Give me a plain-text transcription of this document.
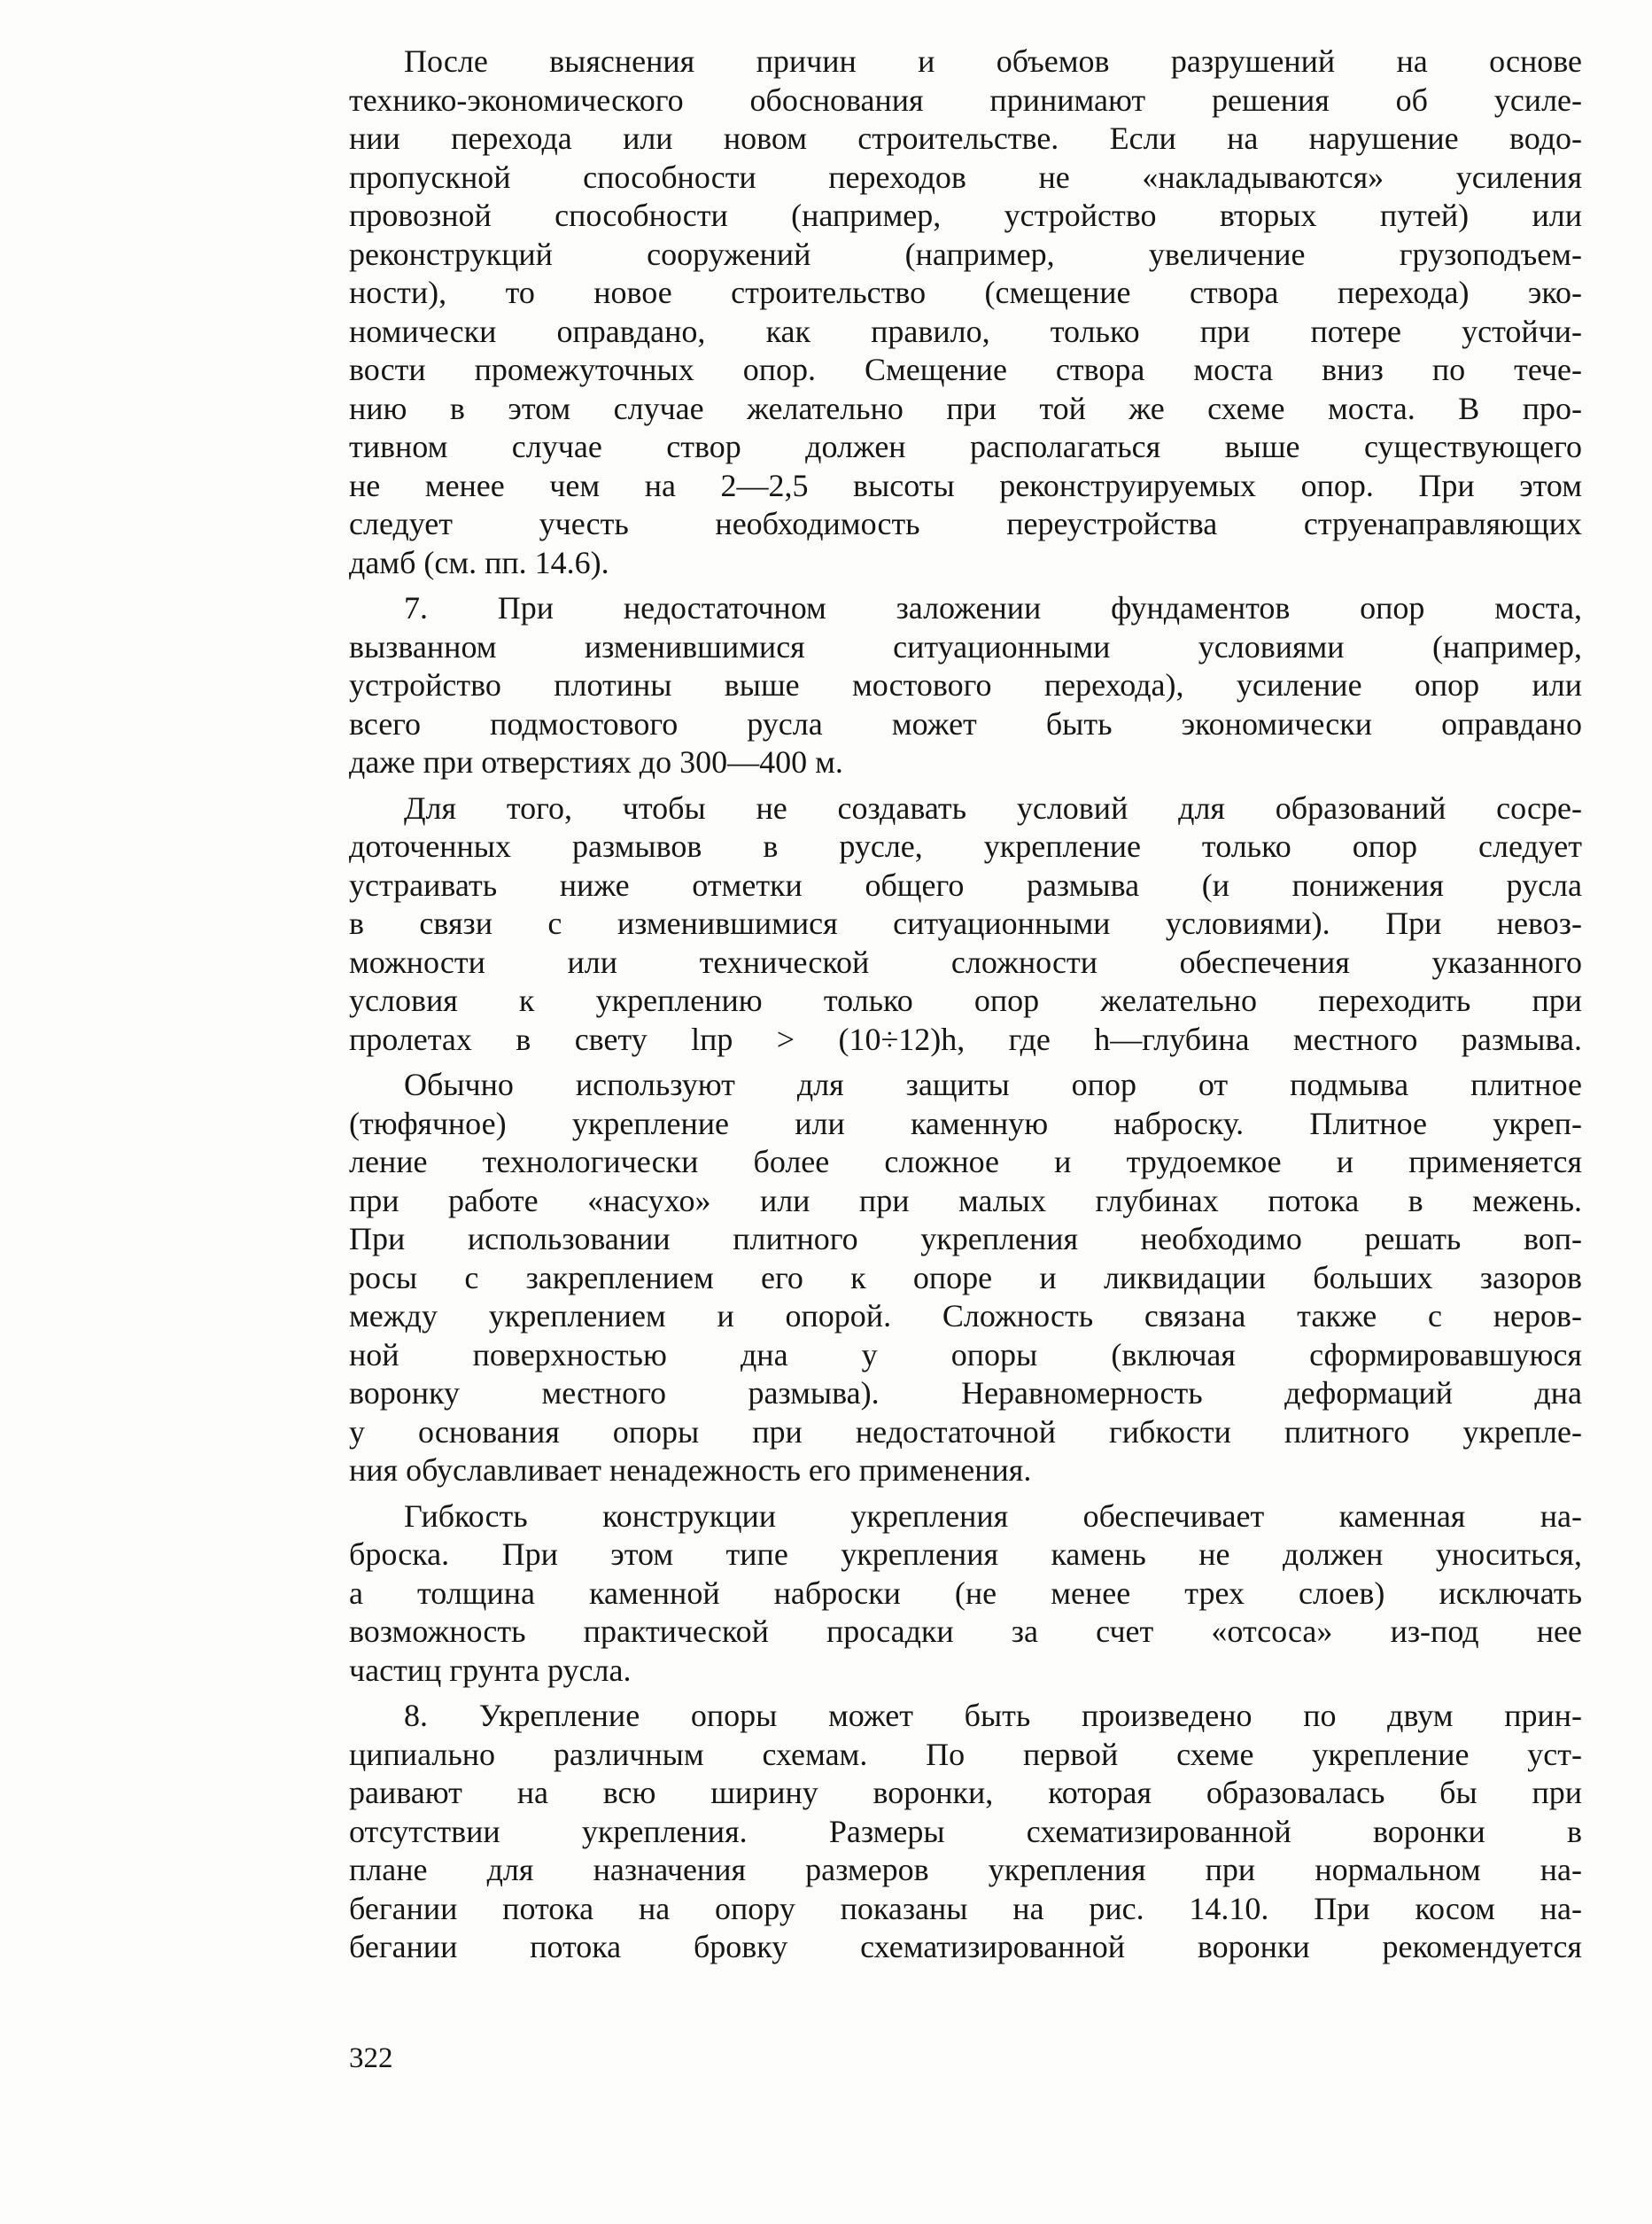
После выяснения причин и объемов разрушений на основе
технико-экономического обоснования принимают решения об усиле-
нии перехода или новом строительстве. Если на нарушение водо-
пропускной способности переходов не «накладываются» усиления
провозной способности (например, устройство вторых путей) или
реконструкций сооружений (например, увеличение грузоподъем-
ности), то новое строительство (смещение створа перехода) эко-
номически оправдано, как правило, только при потере устойчи-
вости промежуточных опор. Смещение створа моста вниз по тече-
нию в этом случае желательно при той же схеме моста. В про-
тивном случае створ должен располагаться выше существующего
не менее чем на 2—2,5 высоты реконструируемых опор. При этом
следует учесть необходимость переустройства струенаправляющих
дамб (см. пп. 14.6).

7. При недостаточном заложении фундаментов опор моста,
вызванном изменившимися ситуационными условиями (например,
устройство плотины выше мостового перехода), усиление опор или
всего подмостового русла может быть экономически оправдано
даже при отверстиях до 300—400 м.

Для того, чтобы не создавать условий для образований сосре-
доточенных размывов в русле, укрепление только опор следует
устраивать ниже отметки общего размыва (и понижения русла
в связи с изменившимися ситуационными условиями). При невоз-
можности или технической сложности обеспечения указанного
условия к укреплению только опор желательно переходить при
пролетах в свету lпр > (10÷12)h, где h—глубина местного размыва.

Обычно используют для защиты опор от подмыва плитное
(тюфячное) укрепление или каменную наброску. Плитное укреп-
ление технологически более сложное и трудоемкое и применяется
при работе «насухо» или при малых глубинах потока в межень.
При использовании плитного укрепления необходимо решать воп-
росы с закреплением его к опоре и ликвидации больших зазоров
между укреплением и опорой. Сложность связана также с неров-
ной поверхностью дна у опоры (включая сформировавшуюся
воронку местного размыва). Неравномерность деформаций дна
у основания опоры при недостаточной гибкости плитного укрепле-
ния обуславливает ненадежность его применения.

Гибкость конструкции укрепления обеспечивает каменная на-
броска. При этом типе укрепления камень не должен уноситься,
а толщина каменной наброски (не менее трех слоев) исключать
возможность практической просадки за счет «отсоса» из-под нее
частиц грунта русла.

8. Укрепление опоры может быть произведено по двум прин-
ципиально различным схемам. По первой схеме укрепление уст-
раивают на всю ширину воронки, которая образовалась бы при
отсутствии укрепления. Размеры схематизированной воронки в
плане для назначения размеров укрепления при нормальном на-
бегании потока на опору показаны на рис. 14.10. При косом на-
бегании потока бровку схематизированной воронки рекомендуется

322
